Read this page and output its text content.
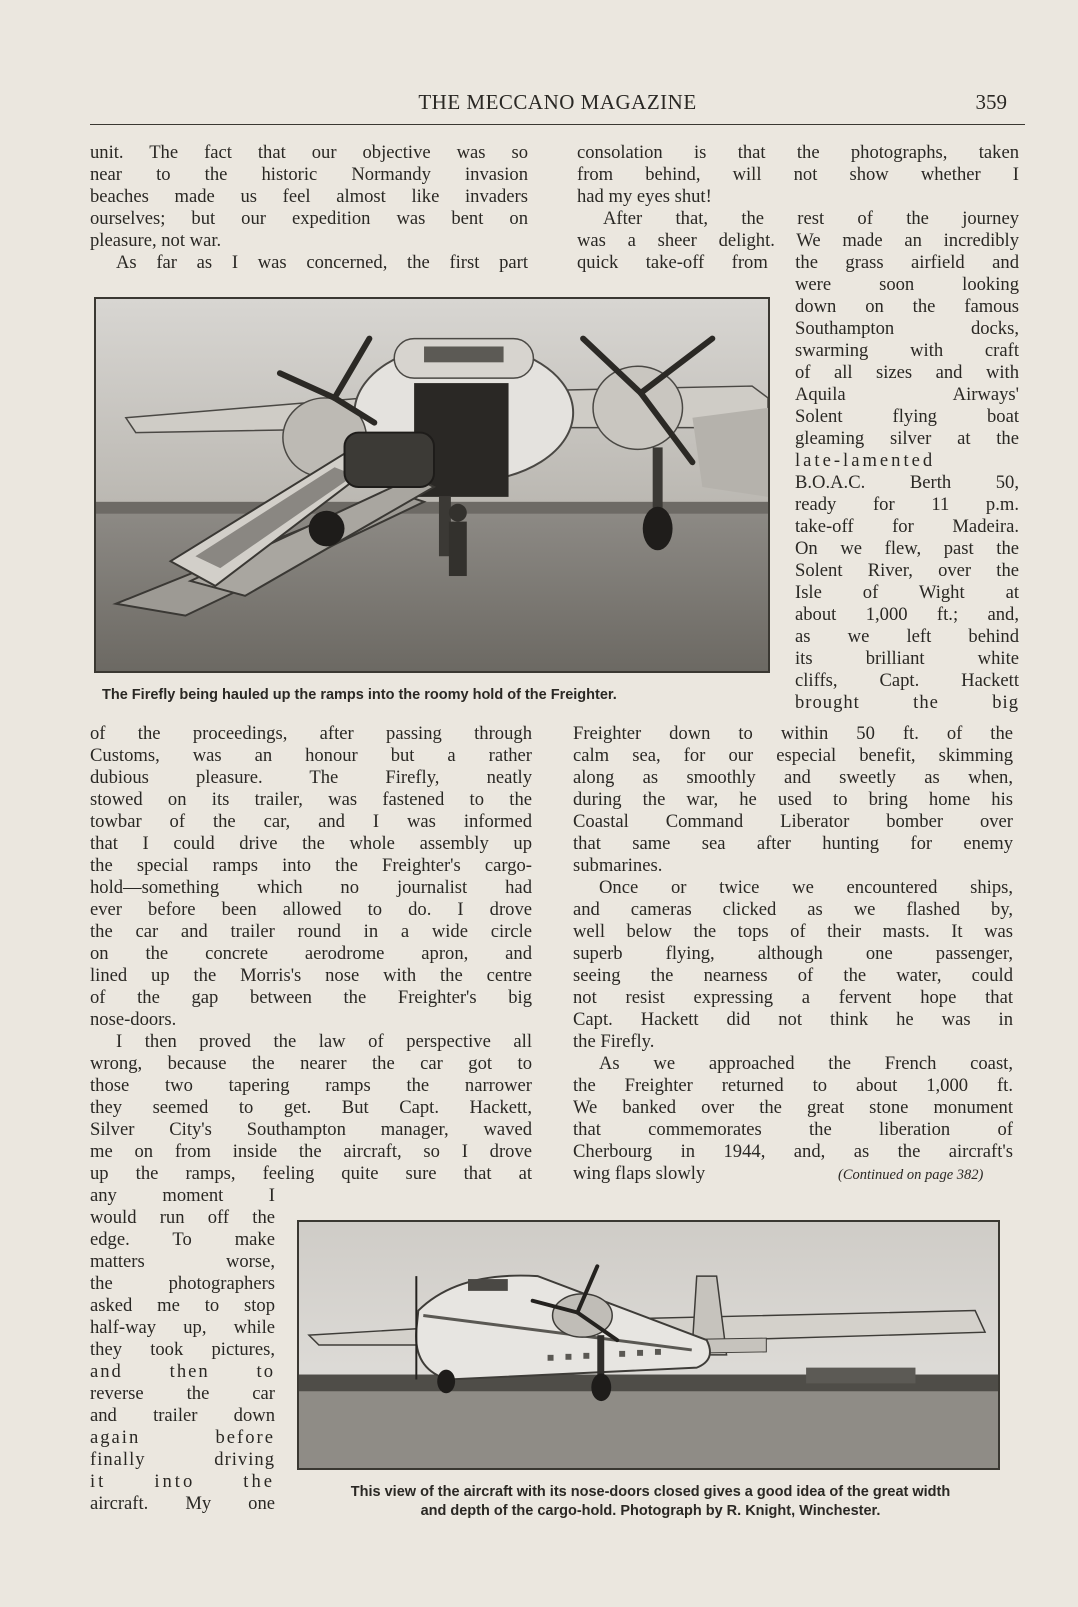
THE MECCANO MAGAZINE	359
unit. The fact that our objective was so
near to the historic Normandy invasion
beaches made us feel almost like invaders
ourselves; but our expedition was bent on
pleasure, not war.
As far as I was concerned, the first part
consolation is that the photographs, taken
from behind, will not show whether I
had my eyes shut!
After that, the rest of the journey
was a sheer delight. We made an incredibly
quick take-off from the grass airfield and
were soon looking
down on the famous
Southampton docks,
swarming with craft
of all sizes and with
Aquila Airways'
Solent flying boat
gleaming silver at the
late-lamented
B.O.A.C. Berth 50,
ready for 11 p.m.
take-off for Madeira.
On we flew, past the
Solent River, over the
Isle of Wight at
about 1,000 ft.; and,
as we left behind
its brilliant white
cliffs, Capt. Hackett
brought the big
The Firefly being hauled up the ramps into the roomy hold of the Freighter.
of the proceedings, after passing through
Customs, was an honour but a rather
dubious pleasure. The Firefly, neatly
stowed on its trailer, was fastened to the
towbar of the car, and I was informed
that I could drive the whole assembly up
the special ramps into the Freighter's cargo-
hold—something which no journalist had
ever before been allowed to do. I drove
the car and trailer round in a wide circle
on the concrete aerodrome apron, and
lined up the Morris's nose with the centre
of the gap between the Freighter's big
nose-doors.
I then proved the law of perspective all
wrong, because the nearer the car got to
those two tapering ramps the narrower
they seemed to get. But Capt. Hackett,
Silver City's Southampton manager, waved
me on from inside the aircraft, so I drove
up the ramps, feeling quite sure that at
Freighter down to within 50 ft. of the
calm sea, for our especial benefit, skimming
along as smoothly and sweetly as when,
during the war, he used to bring home his
Coastal Command Liberator bomber over
that same sea after hunting for enemy
submarines.
Once or twice we encountered ships,
and cameras clicked as we flashed by,
well below the tops of their masts. It was
superb flying, although one passenger,
seeing the nearness of the water, could
not resist expressing a fervent hope that
Capt. Hackett did not think he was in
the Firefly.
As we approached the French coast,
the Freighter returned to about 1,000 ft.
We banked over the great stone monument
that commemorates the liberation of
Cherbourg in 1944, and, as the aircraft's
wing flaps slowly	(Continued on page 382)
any moment I
would run off the
edge. To make
matters worse,
the photographers
asked me to stop
half-way up, while
they took pictures,
and then to
reverse the car
and trailer down
again before
finally driving
it into the
aircraft. My one
This view of the aircraft with its nose-doors closed gives a good idea of the great width
and depth of the cargo-hold. Photograph by R. Knight, Winchester.
